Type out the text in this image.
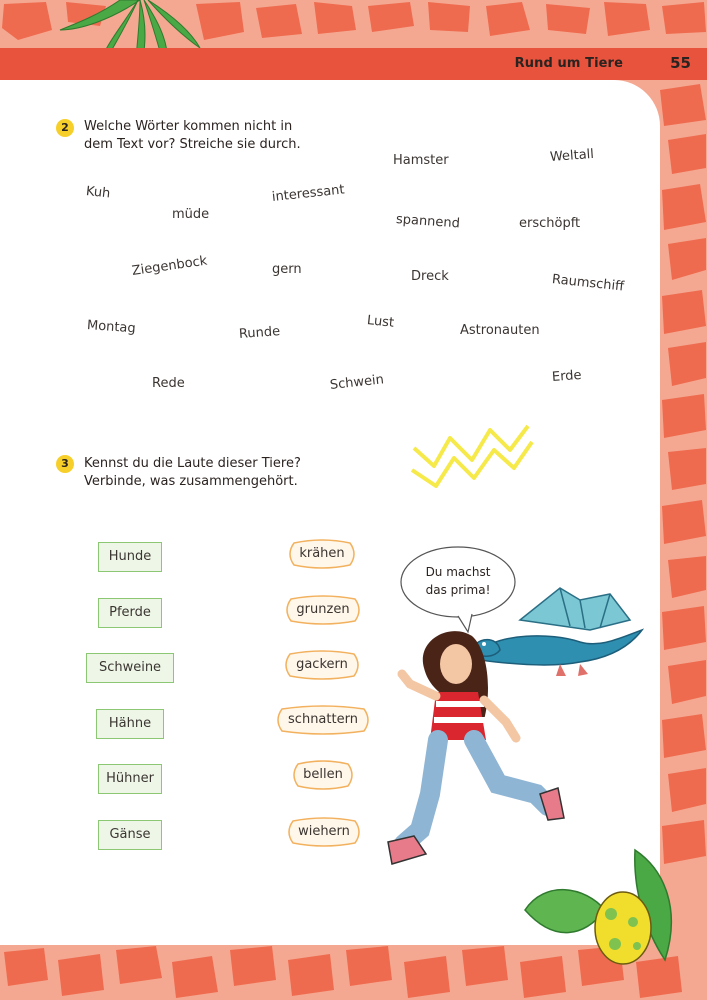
Rund um Tiere	55
2	Welche Wörter kommen nicht in
dem Text vor? Streiche sie durch.
Kuh
müde
interessant
Hamster	Weltall
spannend	erschöpft
Ziegenbock	gern	Dreck	Raumschiff
Montag	Runde
Lust	Astronauten
Rede	Schwein	Erde
3	Kennst du die Laute dieser Tiere?
Verbinde, was zusammengehört.
Hunde
Pferde
Schweine
Hähne
Hühner
Gänse
krähen
grunzen
gackern
schnattern
bellen
wiehern
Du machst
das prima!
